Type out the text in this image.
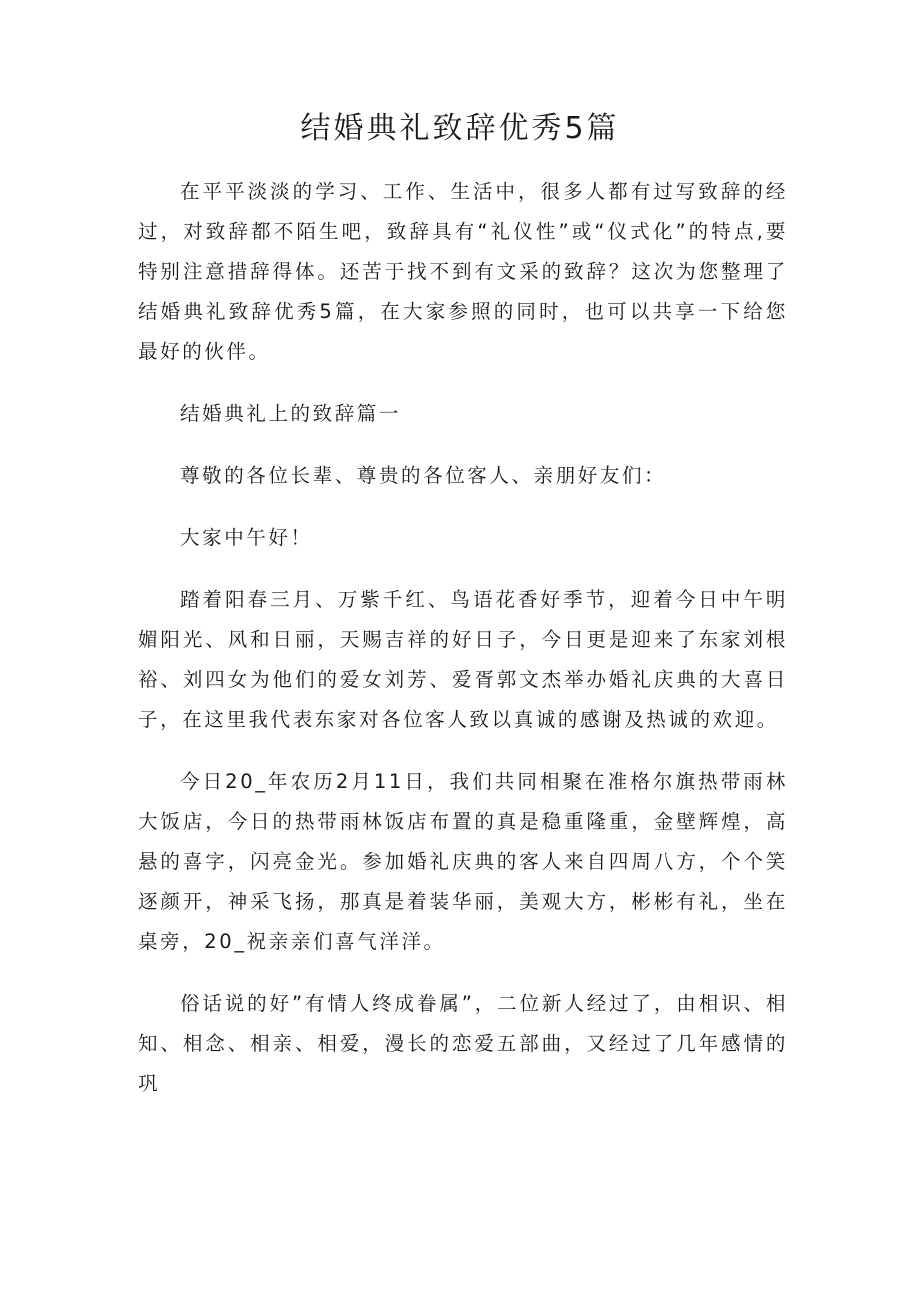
结婚典礼致辞优秀5篇

在平平淡淡的学习、工作、生活中，很多人都有过写致辞的经过，对致辞都不陌生吧，致辞具有“礼仪性”或“仪式化”的特点,要特别注意措辞得体。还苦于找不到有文采的致辞？这次为您整理了结婚典礼致辞优秀5篇，在大家参照的同时，也可以共享一下给您最好的伙伴。

结婚典礼上的致辞篇一

尊敬的各位长辈、尊贵的各位客人、亲朋好友们：

大家中午好！

踏着阳春三月、万紫千红、鸟语花香好季节，迎着今日中午明媚阳光、风和日丽，天赐吉祥的好日子，今日更是迎来了东家刘根裕、刘四女为他们的爱女刘芳、爱胥郭文杰举办婚礼庆典的大喜日子，在这里我代表东家对各位客人致以真诚的感谢及热诚的欢迎。

今日20_年农历2月11日，我们共同相聚在准格尔旗热带雨林大饭店，今日的热带雨林饭店布置的真是稳重隆重，金壁辉煌，高悬的喜字，闪亮金光。参加婚礼庆典的客人来自四周八方，个个笑逐颜开，神采飞扬，那真是着装华丽，美观大方，彬彬有礼，坐在桌旁，20_祝亲亲们喜气洋洋。

俗话说的好”有情人终成眷属”，二位新人经过了，由相识、相知、相念、相亲、相爱，漫长的恋爱五部曲，又经过了几年感情的巩
